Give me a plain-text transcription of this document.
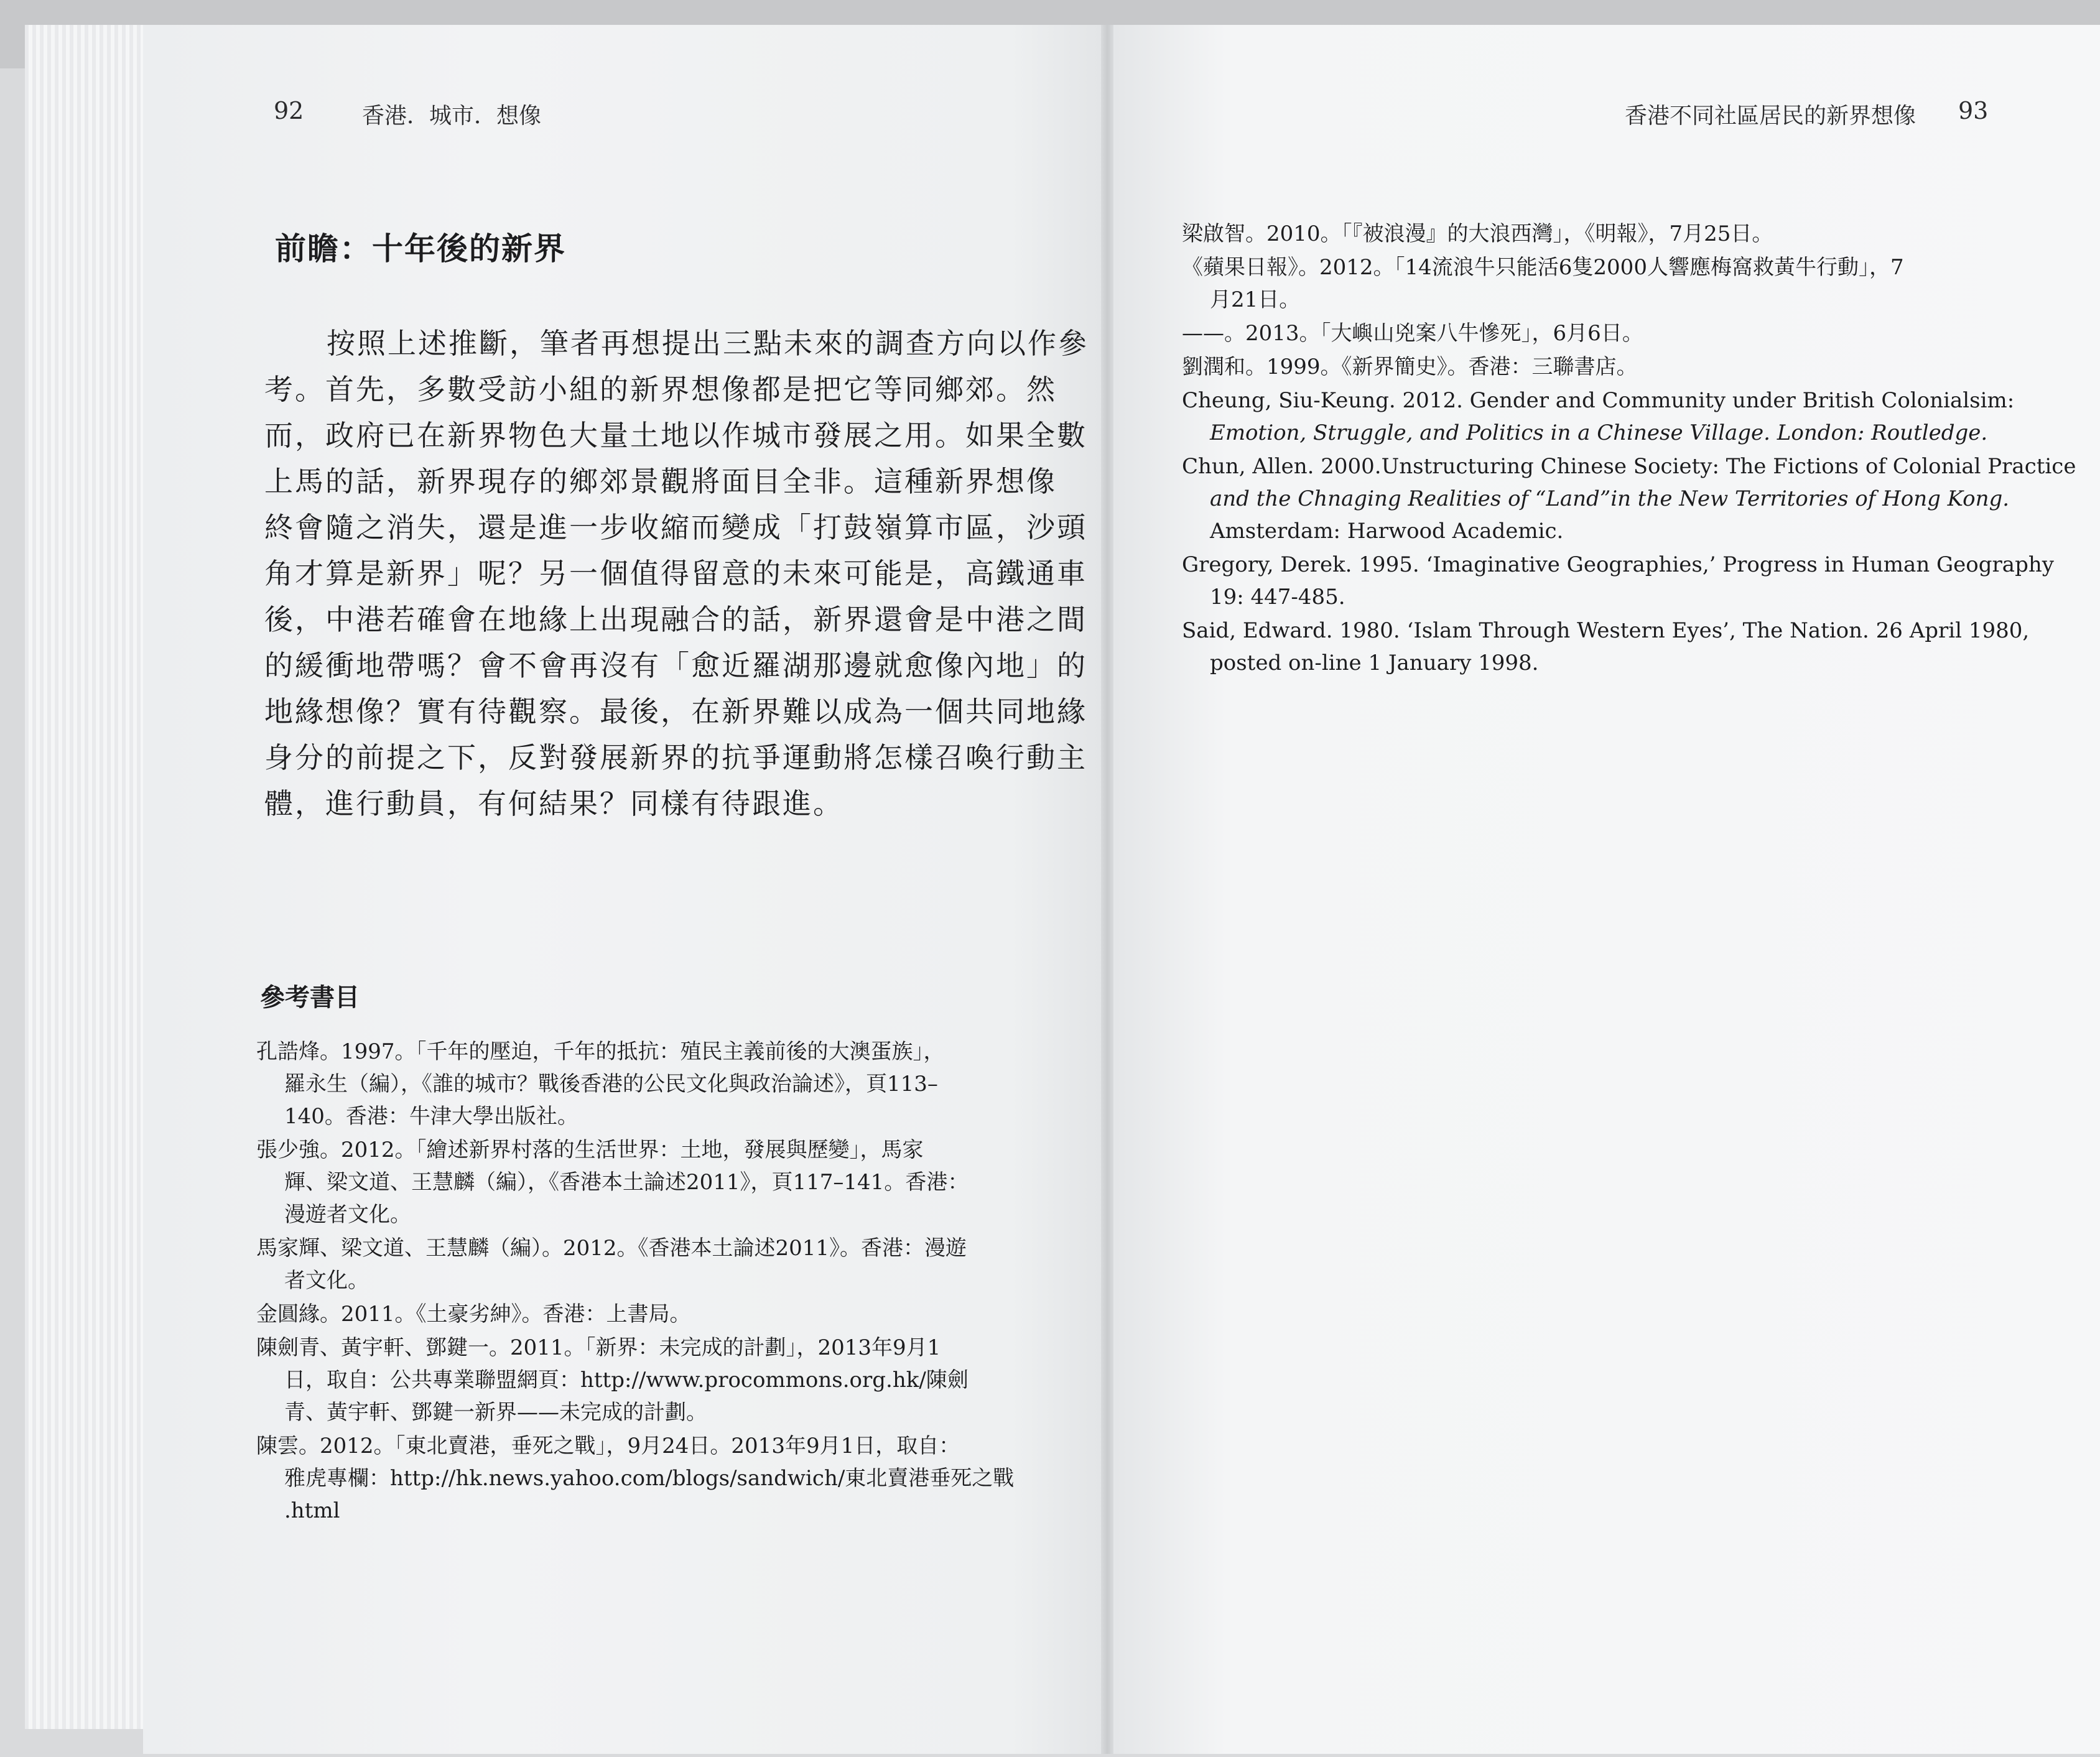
92	香港．城市．想像	香港不同社區居民的新界想像 93
前瞻：十年後的新界
按照上述推斷，筆者再想提出三點未來的調查方向以作參
考。首先，多數受訪小組的新界想像都是把它等同鄉郊。然
而，政府已在新界物色大量土地以作城市發展之用。如果全數
上馬的話，新界現存的鄉郊景觀將面目全非。這種新界想像
終會隨之消失，還是進一步收縮而變成「打鼓嶺算市區，沙頭
角才算是新界」呢？另一個值得留意的未來可能是，高鐵通車
後，中港若確會在地緣上出現融合的話，新界還會是中港之間
的緩衝地帶嗎？會不會再沒有「愈近羅湖那邊就愈像內地」的
地緣想像？實有待觀察。最後，在新界難以成為一個共同地緣
身分的前提之下，反對發展新界的抗爭運動將怎樣召喚行動主
體，進行動員，有何結果？同樣有待跟進。
參考書目
孔誥烽。1997。「千年的壓迫，千年的抵抗：殖民主義前後的大澳蛋族」，
羅永生（編），《誰的城市？戰後香港的公民文化與政治論述》，頁113–
140。香港：牛津大學出版社。
張少強。2012。「繪述新界村落的生活世界：土地，發展與歷變」，馬家
輝、梁文道、王慧麟（編），《香港本土論述2011》，頁117–141。香港：
漫遊者文化。
馬家輝、梁文道、王慧麟（編）。2012。《香港本土論述2011》。香港：漫遊
者文化。
金圓緣。2011。《土豪劣紳》。香港：上書局。
陳劍青、黃宇軒、鄧鍵一。2011。「新界：未完成的計劃」，2013年9月1
日，取自：公共專業聯盟網頁：http://www.procommons.org.hk/陳劍
青、黃宇軒、鄧鍵一新界——未完成的計劃。
陳雲。2012。「東北賣港，垂死之戰」，9月24日。2013年9月1日，取自：
雅虎專欄：http://hk.news.yahoo.com/blogs/sandwich/東北賣港垂死之戰
.html
梁啟智。2010。「『被浪漫』的大浪西灣」，《明報》，7月25日。
《蘋果日報》。2012。「14流浪牛只能活6隻2000人響應梅窩救黃牛行動」，7
月21日。
——。2013。「大嶼山兇案八牛慘死」，6月6日。
劉潤和。1999。《新界簡史》。香港：三聯書店。
Cheung, Siu-Keung. 2012. Gender and Community under British Colonialsim:
Emotion, Struggle, and Politics in a Chinese Village. London: Routledge.
Chun, Allen. 2000.Unstructuring Chinese Society: The Fictions of Colonial Practice
and the Chnaging Realities of “Land”in the New Territories of Hong Kong.
Amsterdam: Harwood Academic.
Gregory, Derek. 1995. ‘Imaginative Geographies,’ Progress in Human Geography
19: 447-485.
Said, Edward. 1980. ‘Islam Through Western Eyes’, The Nation. 26 April 1980,
posted on-line 1 January 1998.
